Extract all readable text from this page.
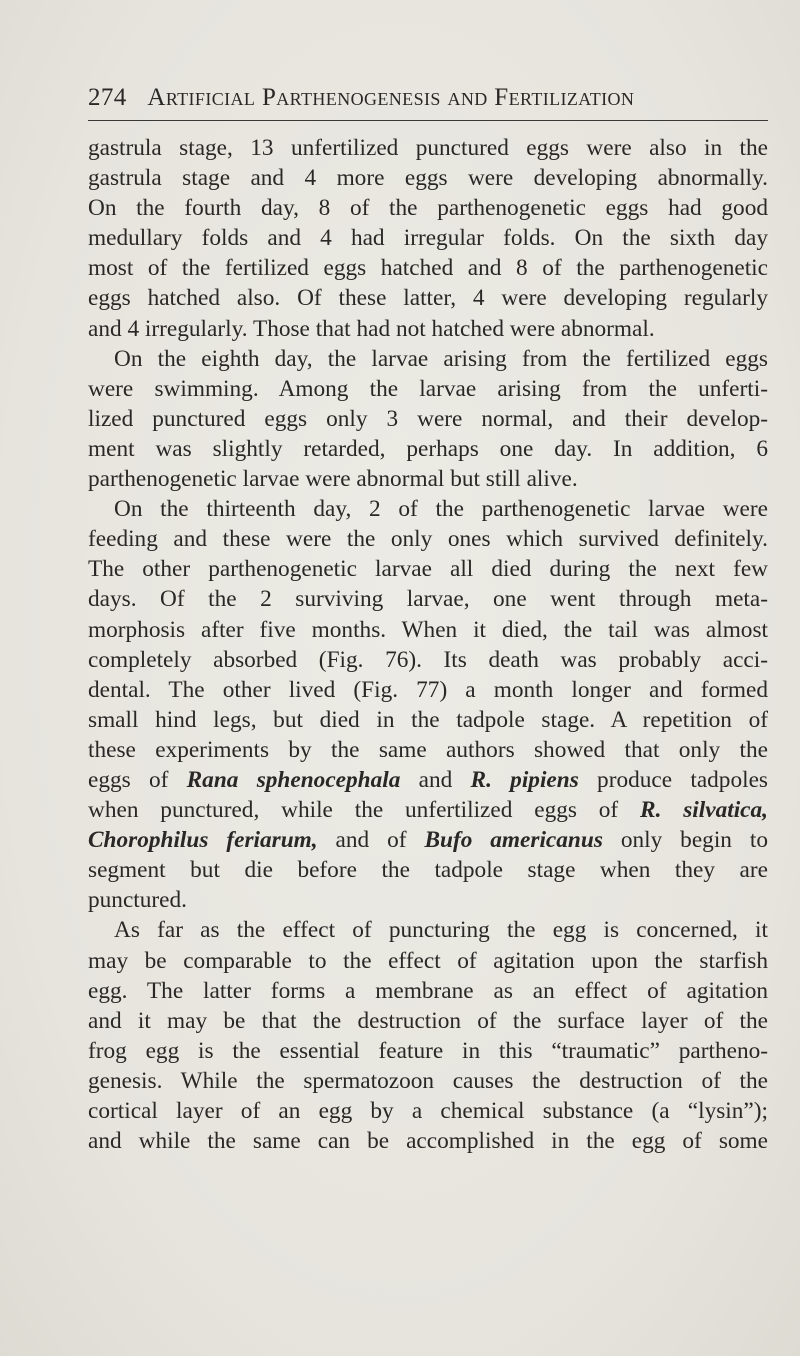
274 Artificial Parthenogenesis and Fertilization
gastrula stage, 13 unfertilized punctured eggs were also in the
gastrula stage and 4 more eggs were developing abnormally.
On the fourth day, 8 of the parthenogenetic eggs had good
medullary folds and 4 had irregular folds. On the sixth day
most of the fertilized eggs hatched and 8 of the parthenogenetic
eggs hatched also. Of these latter, 4 were developing regularly
and 4 irregularly. Those that had not hatched were abnormal.
On the eighth day, the larvae arising from the fertilized eggs
were swimming. Among the larvae arising from the unferti-
lized punctured eggs only 3 were normal, and their develop-
ment was slightly retarded, perhaps one day. In addition, 6
parthenogenetic larvae were abnormal but still alive.
On the thirteenth day, 2 of the parthenogenetic larvae were
feeding and these were the only ones which survived definitely.
The other parthenogenetic larvae all died during the next few
days. Of the 2 surviving larvae, one went through meta-
morphosis after five months. When it died, the tail was almost
completely absorbed (Fig. 76). Its death was probably acci-
dental. The other lived (Fig. 77) a month longer and formed
small hind legs, but died in the tadpole stage. A repetition of
these experiments by the same authors showed that only the
eggs of Rana sphenocephala and R. pipiens produce tadpoles
when punctured, while the unfertilized eggs of R. silvatica,
Chorophilus feriarum, and of Bufo americanus only begin to
segment but die before the tadpole stage when they are
punctured.
As far as the effect of puncturing the egg is concerned, it
may be comparable to the effect of agitation upon the starfish
egg. The latter forms a membrane as an effect of agitation
and it may be that the destruction of the surface layer of the
frog egg is the essential feature in this “traumatic” partheno-
genesis. While the spermatozoon causes the destruction of the
cortical layer of an egg by a chemical substance (a “lysin”);
and while the same can be accomplished in the egg of some
